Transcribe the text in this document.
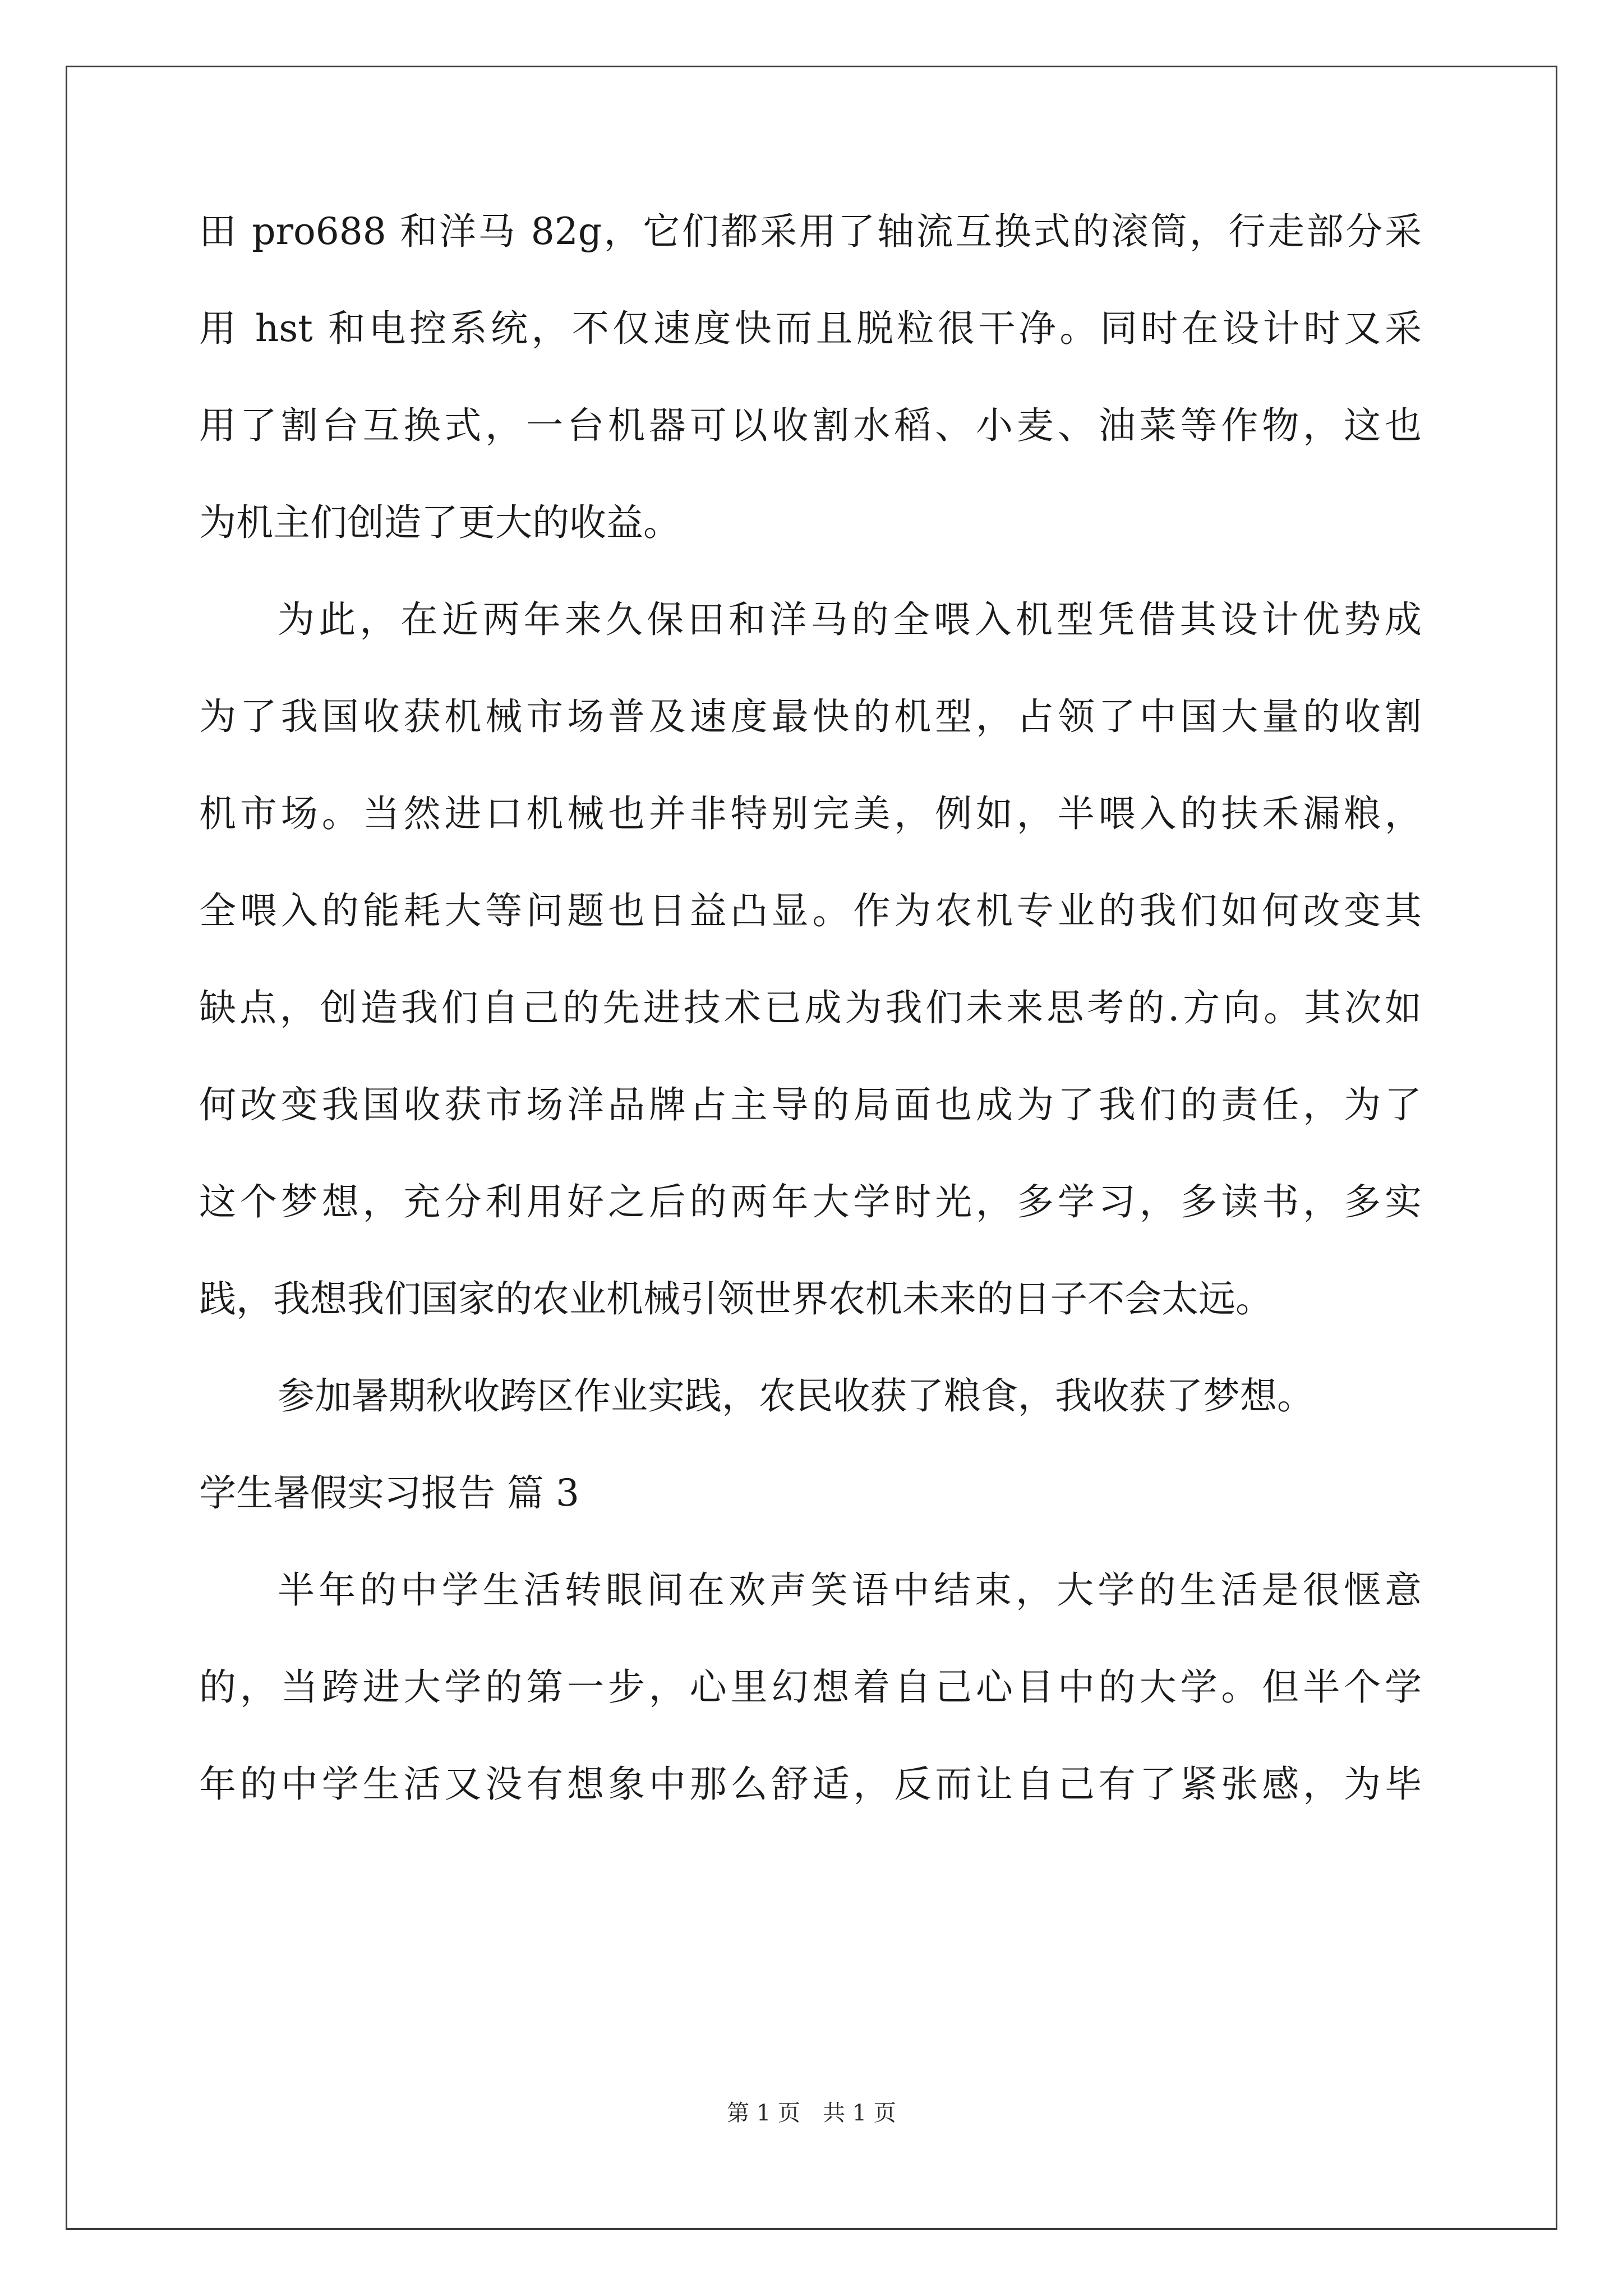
田 pro688 和洋马 82g，它们都采用了轴流互换式的滚筒，行走部分采
用 hst 和电控系统，不仅速度快而且脱粒很干净。同时在设计时又采
用了割台互换式，一台机器可以收割水稻、小麦、油菜等作物，这也
为机主们创造了更大的收益。
为此，在近两年来久保田和洋马的全喂入机型凭借其设计优势成
为了我国收获机械市场普及速度最快的机型，占领了中国大量的收割
机市场。当然进口机械也并非特别完美，例如，半喂入的扶禾漏粮，
全喂入的能耗大等问题也日益凸显。作为农机专业的我们如何改变其
缺点，创造我们自己的先进技术已成为我们未来思考的.方向。其次如
何改变我国收获市场洋品牌占主导的局面也成为了我们的责任，为了
这个梦想，充分利用好之后的两年大学时光，多学习，多读书，多实
践，我想我们国家的农业机械引领世界农机未来的日子不会太远。
参加暑期秋收跨区作业实践，农民收获了粮食，我收获了梦想。
学生暑假实习报告 篇 3
半年的中学生活转眼间在欢声笑语中结束，大学的生活是很惬意
的，当跨进大学的第一步，心里幻想着自己心目中的大学。但半个学
年的中学生活又没有想象中那么舒适，反而让自己有了紧张感，为毕
第 1 页 共 1 页
